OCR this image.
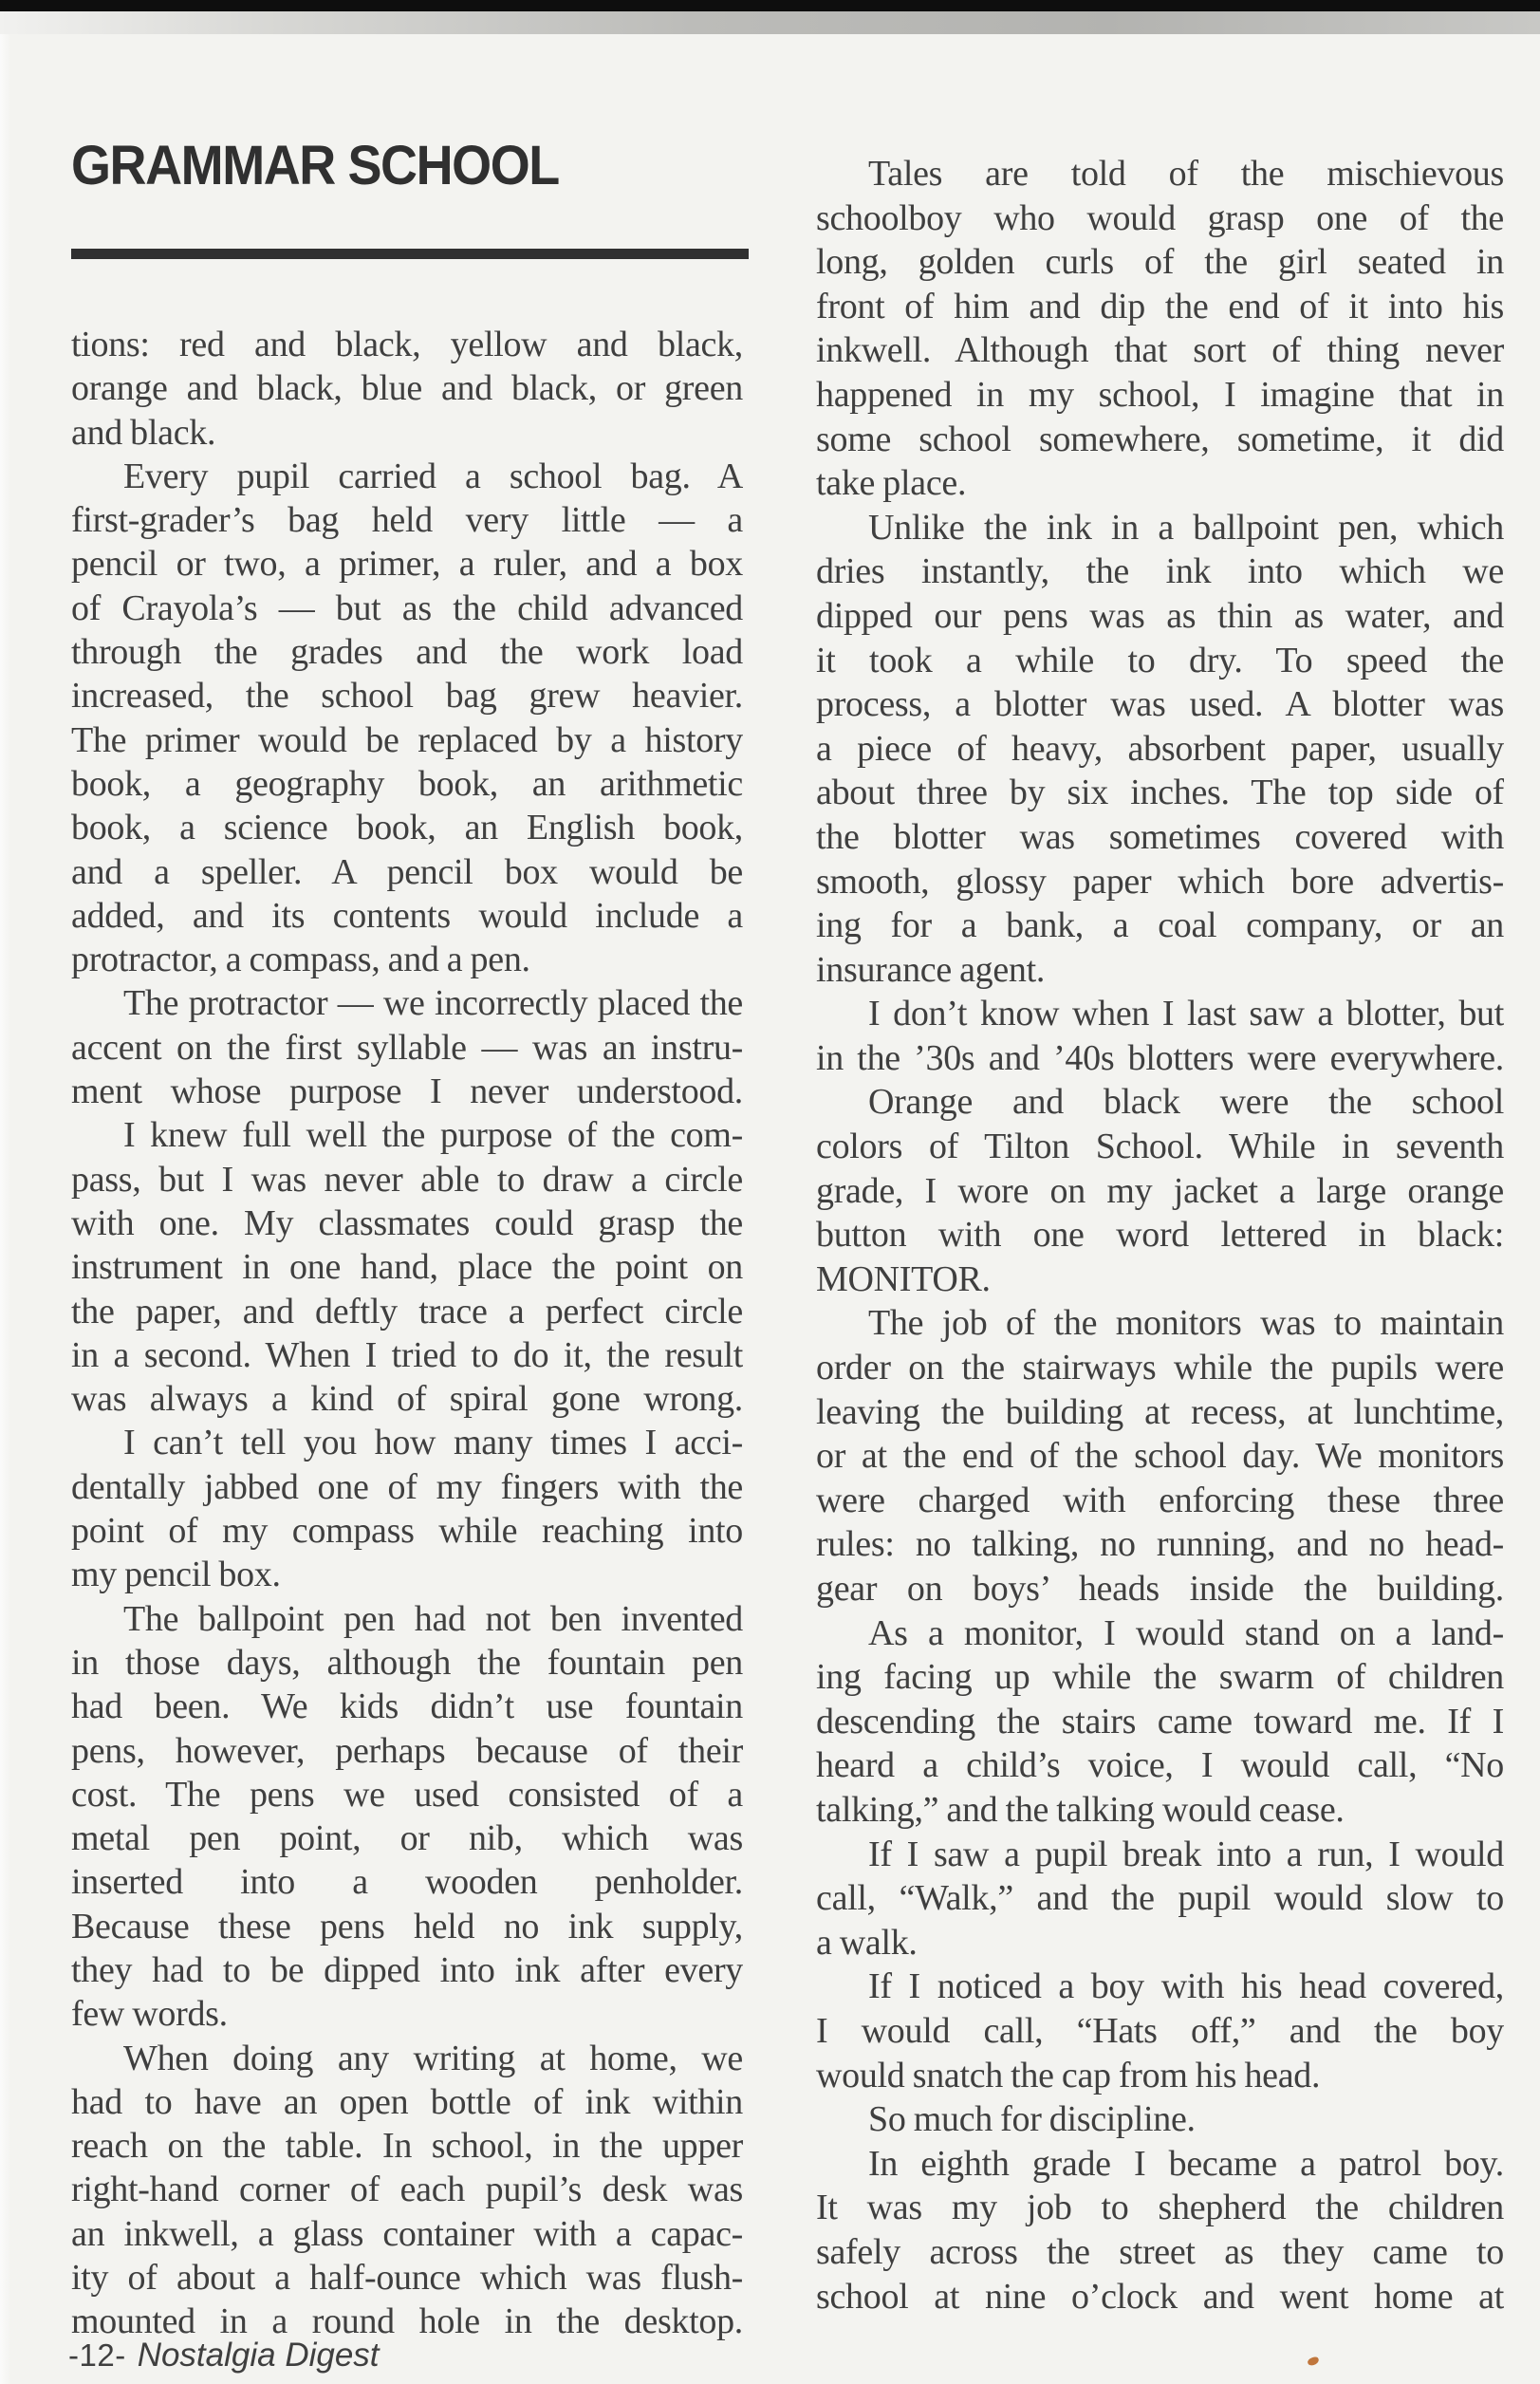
GRAMMAR SCHOOL
tions: red and black, yellow and black,
orange and black, blue and black, or green
and black.
Every pupil carried a school bag. A
first-grader’s bag held very little — a
pencil or two, a primer, a ruler, and a box
of Crayola’s — but as the child advanced
through the grades and the work load
increased, the school bag grew heavier.
The primer would be replaced by a history
book, a geography book, an arithmetic
book, a science book, an English book,
and a speller. A pencil box would be
added, and its contents would include a
protractor, a compass, and a pen.
The protractor — we incorrectly placed the
accent on the first syllable — was an instru-
ment whose purpose I never understood.
I knew full well the purpose of the com-
pass, but I was never able to draw a circle
with one. My classmates could grasp the
instrument in one hand, place the point on
the paper, and deftly trace a perfect circle
in a second. When I tried to do it, the result
was always a kind of spiral gone wrong.
I can’t tell you how many times I acci-
dentally jabbed one of my fingers with the
point of my compass while reaching into
my pencil box.
The ballpoint pen had not ben invented
in those days, although the fountain pen
had been. We kids didn’t use fountain
pens, however, perhaps because of their
cost. The pens we used consisted of a
metal pen point, or nib, which was
inserted into a wooden penholder.
Because these pens held no ink supply,
they had to be dipped into ink after every
few words.
When doing any writing at home, we
had to have an open bottle of ink within
reach on the table. In school, in the upper
right-hand corner of each pupil’s desk was
an inkwell, a glass container with a capac-
ity of about a half-ounce which was flush-
mounted in a round hole in the desktop.
Tales are told of the mischievous
schoolboy who would grasp one of the
long, golden curls of the girl seated in
front of him and dip the end of it into his
inkwell. Although that sort of thing never
happened in my school, I imagine that in
some school somewhere, sometime, it did
take place.
Unlike the ink in a ballpoint pen, which
dries instantly, the ink into which we
dipped our pens was as thin as water, and
it took a while to dry. To speed the
process, a blotter was used. A blotter was
a piece of heavy, absorbent paper, usually
about three by six inches. The top side of
the blotter was sometimes covered with
smooth, glossy paper which bore advertis-
ing for a bank, a coal company, or an
insurance agent.
I don’t know when I last saw a blotter, but
in the ’30s and ’40s blotters were everywhere.
Orange and black were the school
colors of Tilton School. While in seventh
grade, I wore on my jacket a large orange
button with one word lettered in black:
MONITOR.
The job of the monitors was to maintain
order on the stairways while the pupils were
leaving the building at recess, at lunchtime,
or at the end of the school day. We monitors
were charged with enforcing these three
rules: no talking, no running, and no head-
gear on boys’ heads inside the building.
As a monitor, I would stand on a land-
ing facing up while the swarm of children
descending the stairs came toward me. If I
heard a child’s voice, I would call, “No
talking,” and the talking would cease.
If I saw a pupil break into a run, I would
call, “Walk,” and the pupil would slow to
a walk.
If I noticed a boy with his head covered,
I would call, “Hats off,” and the boy
would snatch the cap from his head.
So much for discipline.
In eighth grade I became a patrol boy.
It was my job to shepherd the children
safely across the street as they came to
school at nine o’clock and went home at
-12- Nostalgia Digest
